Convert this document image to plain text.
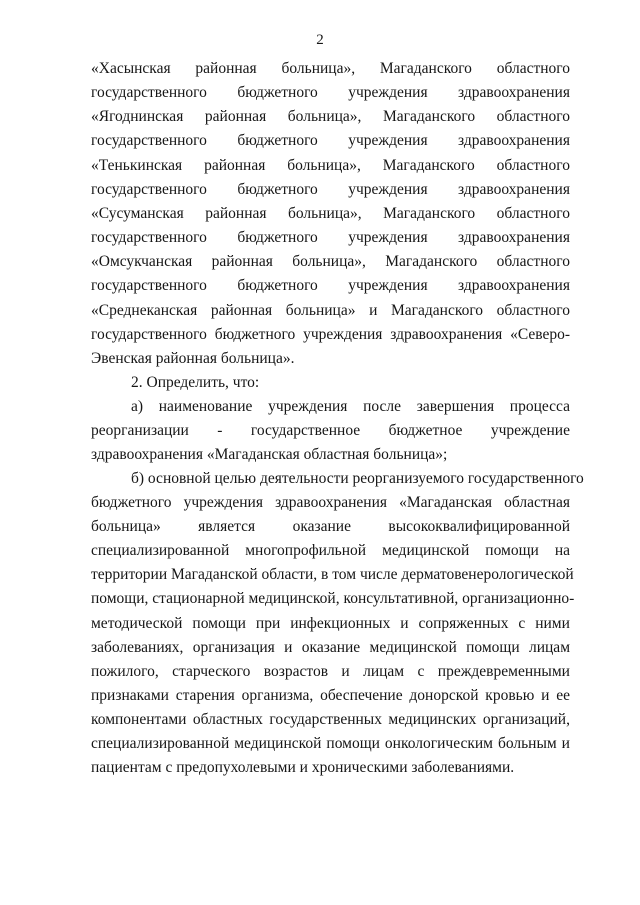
2
«Хасынская районная больница», Магаданского областного
государственного бюджетного учреждения здравоохранения
«Ягоднинская районная больница», Магаданского областного
государственного бюджетного учреждения здравоохранения
«Тенькинская районная больница», Магаданского областного
государственного бюджетного учреждения здравоохранения
«Сусуманская районная больница», Магаданского областного
государственного бюджетного учреждения здравоохранения
«Омсукчанская районная больница», Магаданского областного
государственного бюджетного учреждения здравоохранения
«Среднеканская районная больница» и Магаданского областного
государственного бюджетного учреждения здравоохранения «Северо-
Эвенская районная больница».
2. Определить, что:
а) наименование учреждения после завершения процесса
реорганизации - государственное бюджетное учреждение
здравоохранения «Магаданская областная больница»;
б) основной целью деятельности реорганизуемого государственного
бюджетного учреждения здравоохранения «Магаданская областная
больница» является оказание высококвалифицированной
специализированной многопрофильной медицинской помощи на
территории Магаданской области, в том числе дерматовенерологической
помощи, стационарной медицинской, консультативной, организационно-
методической помощи при инфекционных и сопряженных с ними
заболеваниях, организация и оказание медицинской помощи лицам
пожилого, старческого возрастов и лицам с преждевременными
признаками старения организма, обеспечение донорской кровью и ее
компонентами областных государственных медицинских организаций,
специализированной медицинской помощи онкологическим больным и
пациентам с предопухолевыми и хроническими заболеваниями.
